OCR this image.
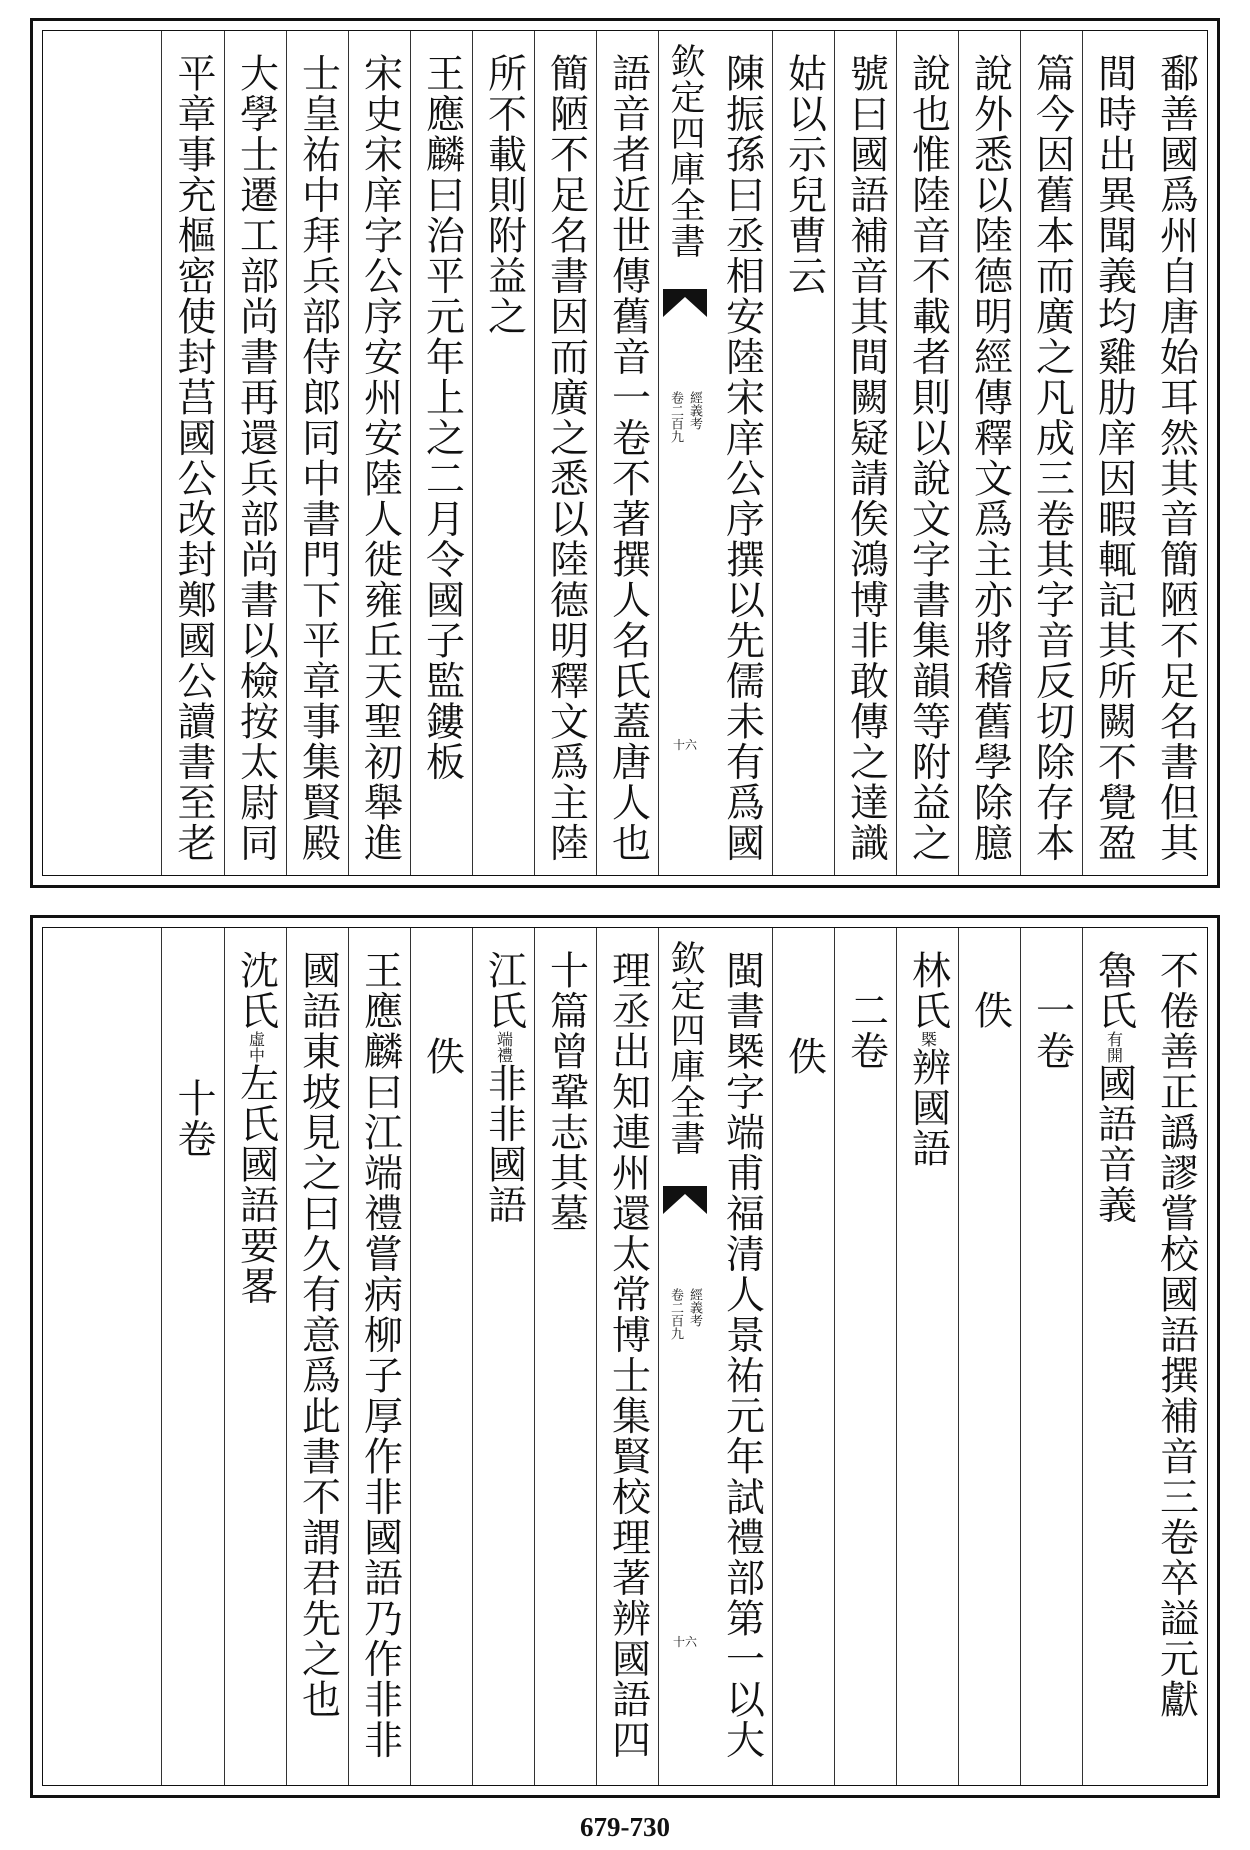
鄱善國爲州自唐始耳然其音簡陋不足名書但其
間時出異聞義均雞肋庠因暇輒記其所闕不覺盈
篇今因舊本而廣之凡成三卷其字音反切除存本
說外悉以陸德明經傳釋文爲主亦將稽舊學除臆
說也惟陸音不載者則以說文字書集韻等附益之
號曰國語補音其間闕疑請俟鴻博非敢傳之達識
姑以示兒曹云
陳振孫曰丞相安陸宋庠公序撰以先儒未有爲國
欽定四庫全書
經義考
卷二百九
十六
語音者近世傳舊音一卷不著撰人名氏蓋唐人也
簡陋不足名書因而廣之悉以陸德明釋文爲主陸
所不載則附益之
王應麟曰治平元年上之二月令國子監鏤板
宋史宋庠字公序安州安陸人徙雍丘天聖初舉進
士皇祐中拜兵部侍郎同中書門下平章事集賢殿
大學士遷工部尚書再還兵部尚書以檢按太尉同
平章事充樞密使封莒國公改封鄭國公讀書至老
不倦善正譌謬嘗校國語撰補音三卷卒謚元獻
魯氏有開國語音義
一卷
佚
林氏槩辨國語
二卷
佚
閩書槩字端甫福清人景祐元年試禮部第一以大
欽定四庫全書
經義考
卷二百九
十六
理丞出知連州還太常博士集賢校理著辨國語四
十篇曾鞏志其墓
江氏端禮非非國語
佚
王應麟曰江端禮嘗病柳子厚作非國語乃作非非
國語東坡見之曰久有意爲此書不謂君先之也
沈氏虛中左氏國語要畧
十卷
679-730
